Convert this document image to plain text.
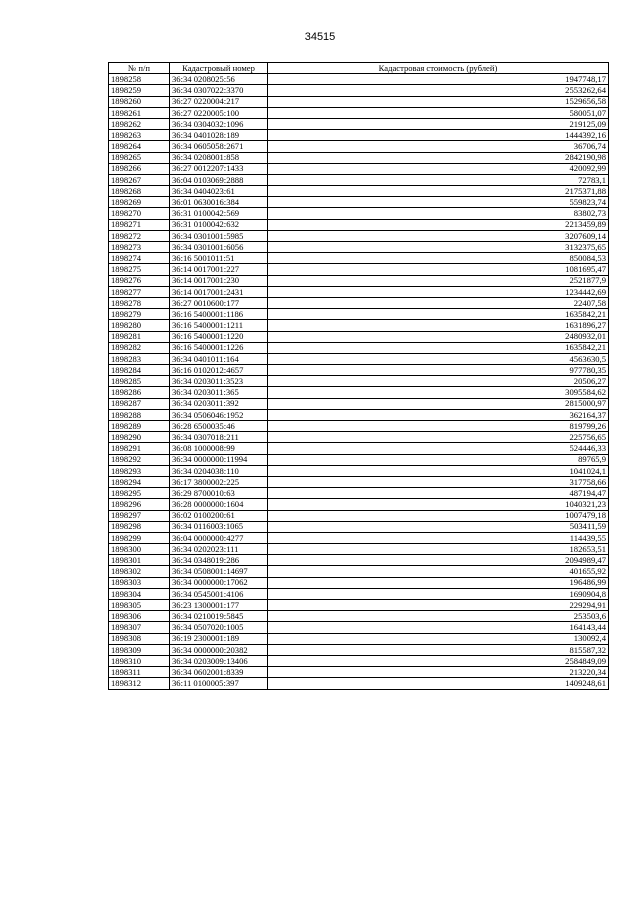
34515
№ п/п	Кадастровый номер	Кадастровая стоимость (рублей)
1898258	36:34 0208025:56	1947748,17
1898259	36:34 0307022:3370	2553262,64
1898260	36:27 0220004:217	1529656,58
1898261	36:27 0220005:100	580051,07
1898262	36:34 0304032:1096	219125,09
1898263	36:34 0401028:189	1444392,16
1898264	36:34 0605058:2671	36706,74
1898265	36:34 0208001:858	2842190,98
1898266	36:27 0012207:1433	420092,99
1898267	36:04 0103069:2888	72783,1
1898268	36:34 0404023:61	2175371,88
1898269	36:01 0630016:384	559823,74
1898270	36:31 0100042:569	83802,73
1898271	36:31 0100042:632	2213459,89
1898272	36:34 0301001:5985	3207609,14
1898273	36:34 0301001:6056	3132375,65
1898274	36:16 5001011:51	850084,53
1898275	36:14 0017001:227	1081695,47
1898276	36:14 0017001:230	2521877,9
1898277	36:14 0017001:2431	1234442,69
1898278	36:27 0010600:177	22407,58
1898279	36:16 5400001:1186	1635842,21
1898280	36:16 5400001:1211	1631896,27
1898281	36:16 5400001:1220	2480932,01
1898282	36:16 5400001:1226	1635842,21
1898283	36:34 0401011:164	4563630,5
1898284	36:16 0102012:4657	977780,35
1898285	36:34 0203011:3523	20506,27
1898286	36:34 0203011:365	3095584,62
1898287	36:34 0203011:392	2815000,97
1898288	36:34 0506046:1952	362164,37
1898289	36:28 6500035:46	819799,26
1898290	36:34 0307018:211	225756,65
1898291	36:08 1000008:99	524446,33
1898292	36:34 0000000:11994	89765,9
1898293	36:34 0204038:110	1041024,1
1898294	36:17 3800002:225	317758,66
1898295	36:29 8700010:63	487194,47
1898296	36:28 0000000:1604	1040321,23
1898297	36:02 0100200:61	1007479,18
1898298	36:34 0116003:1065	503411,59
1898299	36:04 0000000:4277	114439,55
1898300	36:34 0202023:111	182653,51
1898301	36:34 0348019:286	2094989,47
1898302	36:34 0508001:14697	401655,92
1898303	36:34 0000000:17062	196486,99
1898304	36:34 0545001:4106	1690904,8
1898305	36:23 1300001:177	229294,91
1898306	36:34 0210019:5845	253503,6
1898307	36:34 0507020:1005	164143,44
1898308	36:19 2300001:189	130092,4
1898309	36:34 0000000:20382	815587,32
1898310	36:34 0203009:13406	2584849,09
1898311	36:34 0602001:8339	213220,34
1898312	36:11 0100005:397	1409248,61
